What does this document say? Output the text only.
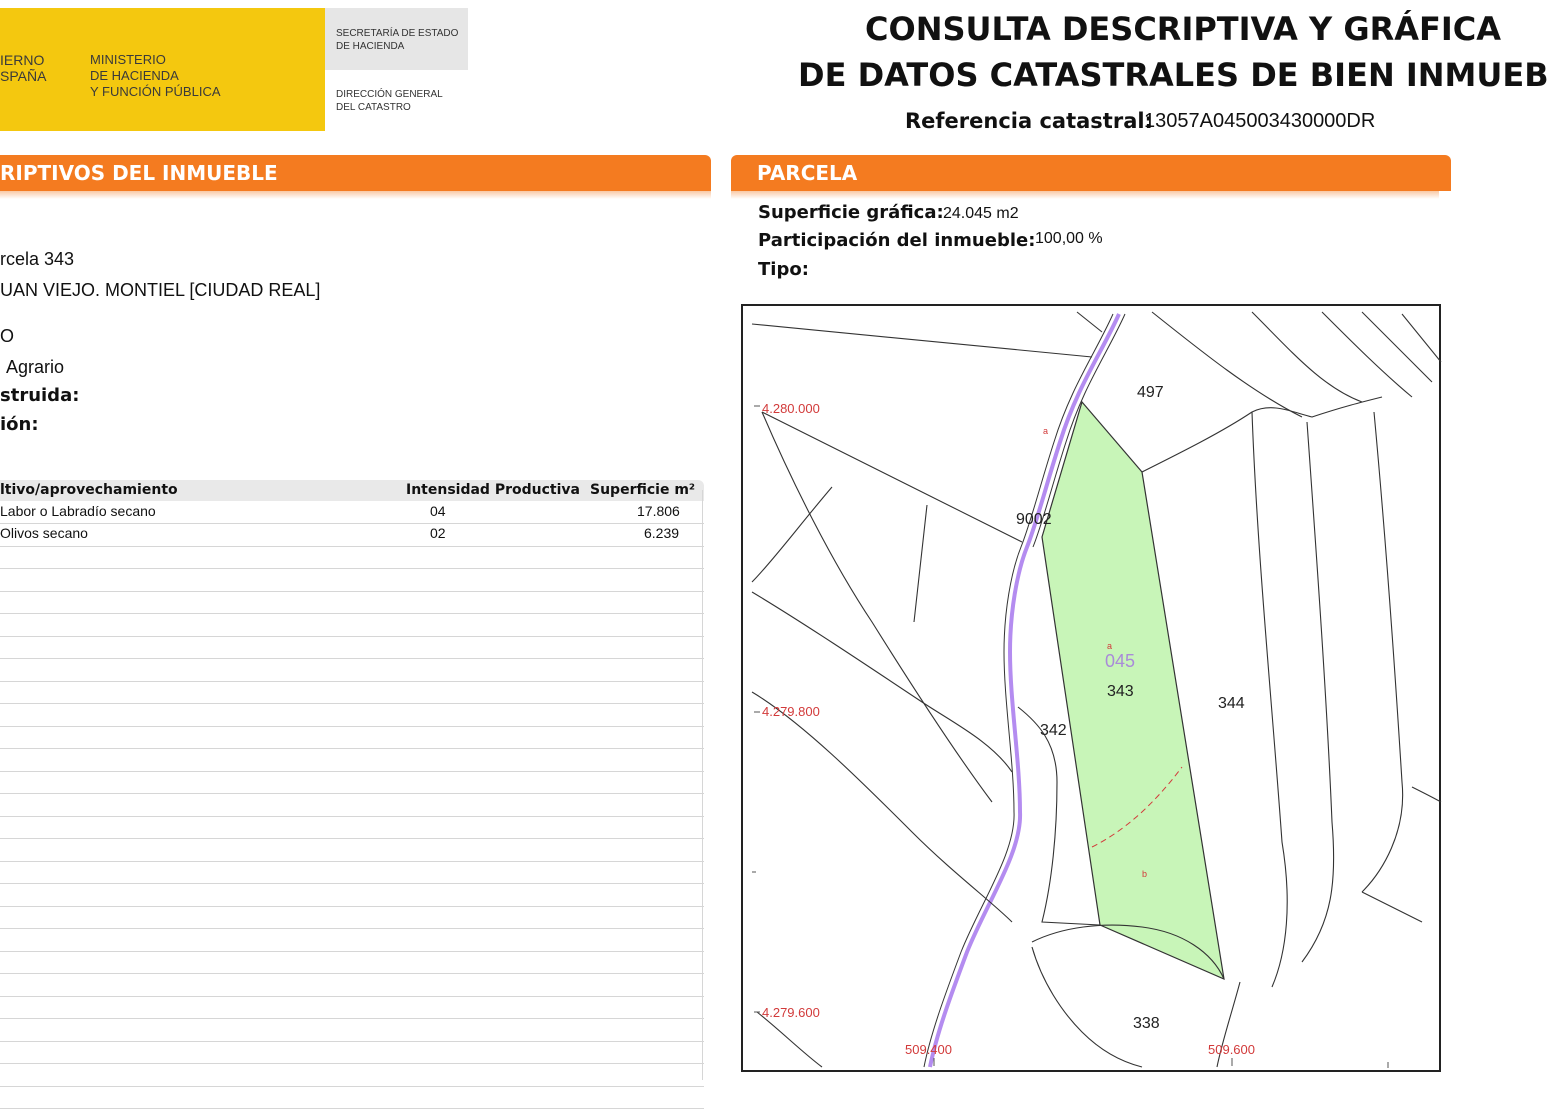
IERNO
SPAÑA
MINISTERIO
DE HACIENDA
Y FUNCIÓN PÚBLICA
SECRETARÍA DE ESTADO
DE HACIENDA
DIRECCIÓN GENERAL
DEL CATASTRO
CONSULTA DESCRIPTIVA Y GRÁFICA
DE DATOS CATASTRALES DE BIEN INMUEB
Referencia catastral:
13057A045003430000DR
RIPTIVOS DEL INMUEBLE	PARCELA
rcela 343
UAN VIEJO. MONTIEL [CIUDAD REAL]
O
Agrario
struida:
ión:
ltivo/aprovechamiento	Intensidad Productiva Superficie m²
Labor o Labradío secano	04	17.806
Olivos secano	02	6.239
Superficie gráfica: 24.045 m2
Participación del inmueble: 100,00 %
Tipo:
4.280.000
4.279.800
4.279.600
509.400	509.600
497
9002
343
344
342
338
045
a
a
b
